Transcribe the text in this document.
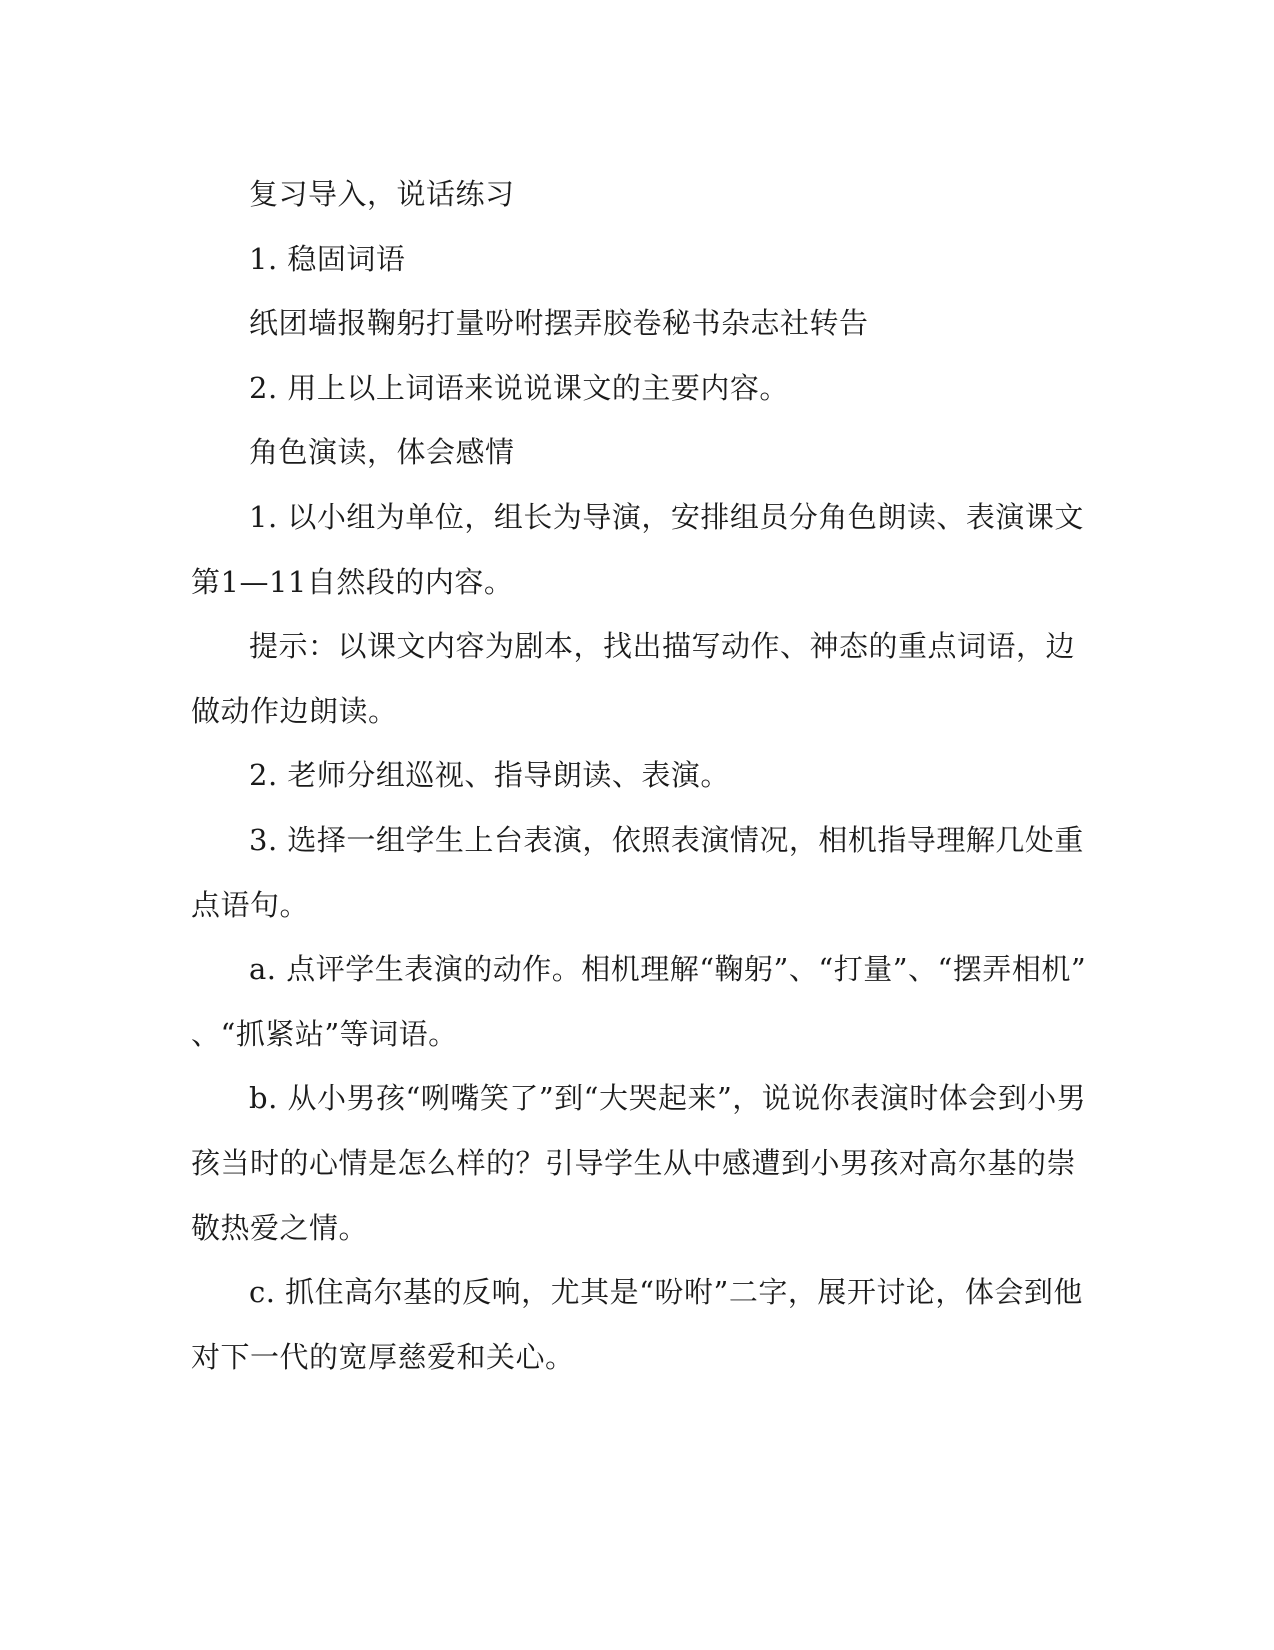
复习导入，说话练习
1. 稳固词语
纸团墙报鞠躬打量吩咐摆弄胶卷秘书杂志社转告
2. 用上以上词语来说说课文的主要内容。
角色演读，体会感情
1. 以小组为单位，组长为导演，安排组员分角色朗读、表演课文
第1—11自然段的内容。
提示：以课文内容为剧本，找出描写动作、神态的重点词语，边
做动作边朗读。
2. 老师分组巡视、指导朗读、表演。
3. 选择一组学生上台表演，依照表演情况，相机指导理解几处重
点语句。
a. 点评学生表演的动作。相机理解“鞠躬”、“打量”、“摆弄相机”
、“抓紧站”等词语。
b. 从小男孩“咧嘴笑了”到“大哭起来”，说说你表演时体会到小男
孩当时的心情是怎么样的？引导学生从中感遭到小男孩对高尔基的崇
敬热爱之情。
c. 抓住高尔基的反响，尤其是“吩咐”二字，展开讨论，体会到他
对下一代的宽厚慈爱和关心。
